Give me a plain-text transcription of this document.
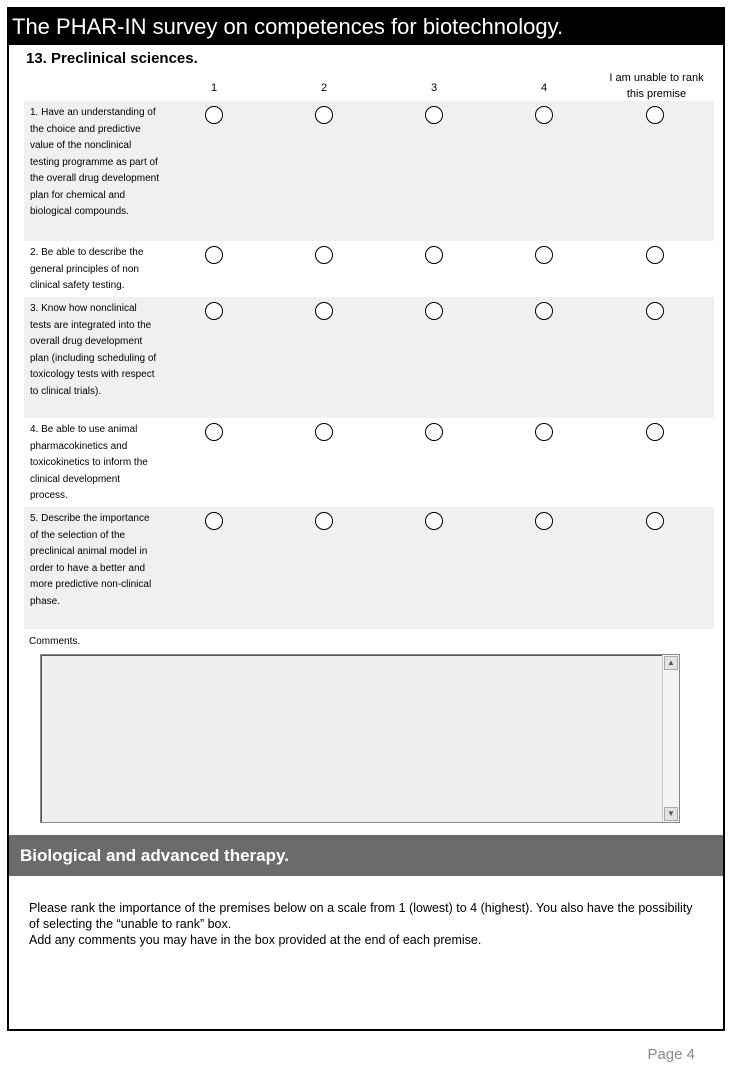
The PHAR-IN survey on competences for biotechnology.
13. Preclinical sciences.
1	2	3	4
I am unable to rank this premise
1. Have an understanding of the choice and predictive value of the nonclinical testing programme as part of the overall drug development plan for chemical and biological compounds.
2. Be able to describe the general principles of non clinical safety testing.
3. Know how nonclinical tests are integrated into the overall drug development plan (including scheduling of toxicology tests with respect to clinical trials).
4. Be able to use animal pharmacokinetics and toxicokinetics to inform the clinical development process.
5. Describe the importance of the selection of the preclinical animal model in order to have a better and more predictive non-clinical phase.
Comments.
▲
▼
Biological and advanced therapy.
Please rank the importance of the premises below on a scale from 1 (lowest) to 4 (highest). You also have the possibility of selecting the “unable to rank” box.
Add any comments you may have in the box provided at the end of each premise.
Page 4
